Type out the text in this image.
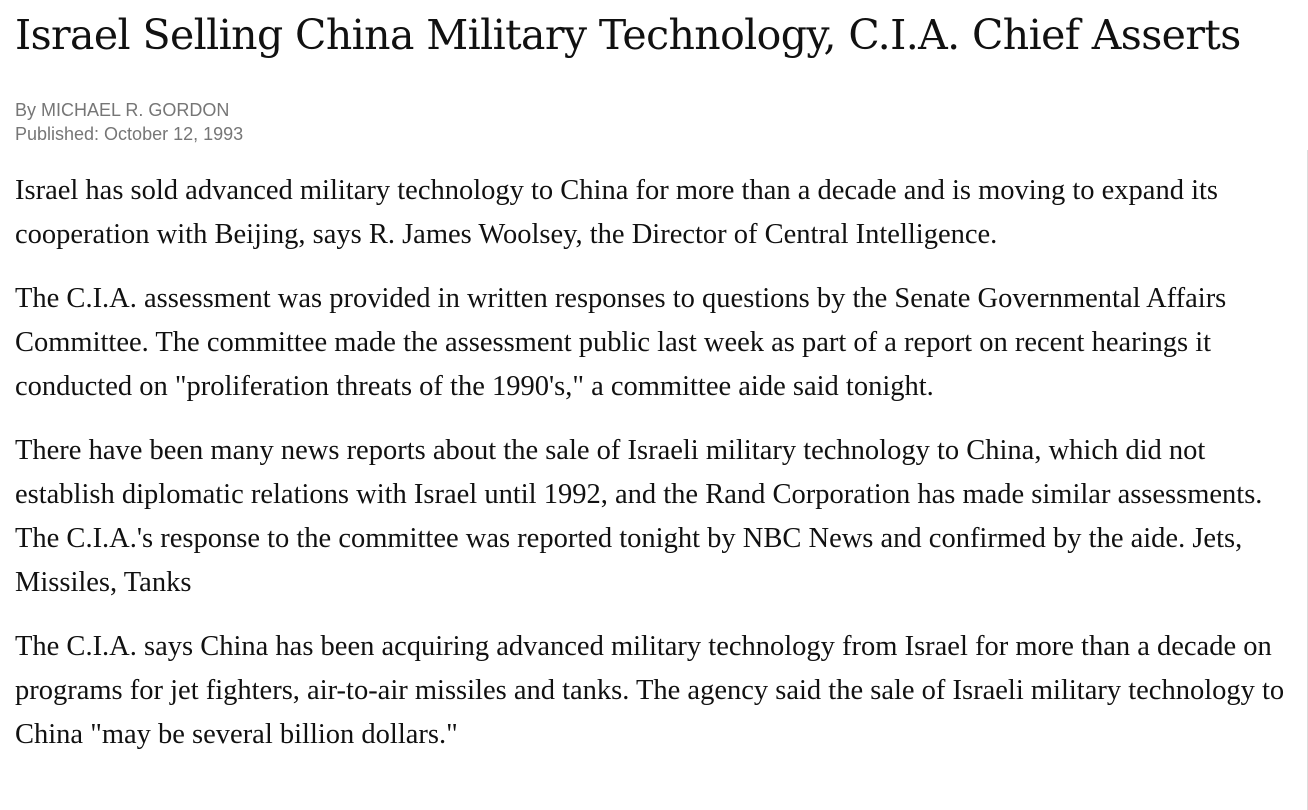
Israel Selling China Military Technology, C.I.A. Chief Asserts
By MICHAEL R. GORDON
Published: October 12, 1993

Israel has sold advanced military technology to China for more than a decade and is moving to expand its cooperation with Beijing, says R. James Woolsey, the Director of Central Intelligence.

The C.I.A. assessment was provided in written responses to questions by the Senate Governmental Affairs Committee. The committee made the assessment public last week as part of a report on recent hearings it conducted on "proliferation threats of the 1990's," a committee aide said tonight.

There have been many news reports about the sale of Israeli military technology to China, which did not establish diplomatic relations with Israel until 1992, and the Rand Corporation has made similar assessments. The C.I.A.'s response to the committee was reported tonight by NBC News and confirmed by the aide. Jets, Missiles, Tanks

The C.I.A. says China has been acquiring advanced military technology from Israel for more than a decade on programs for jet fighters, air-to-air missiles and tanks. The agency said the sale of Israeli military technology to China "may be several billion dollars."
